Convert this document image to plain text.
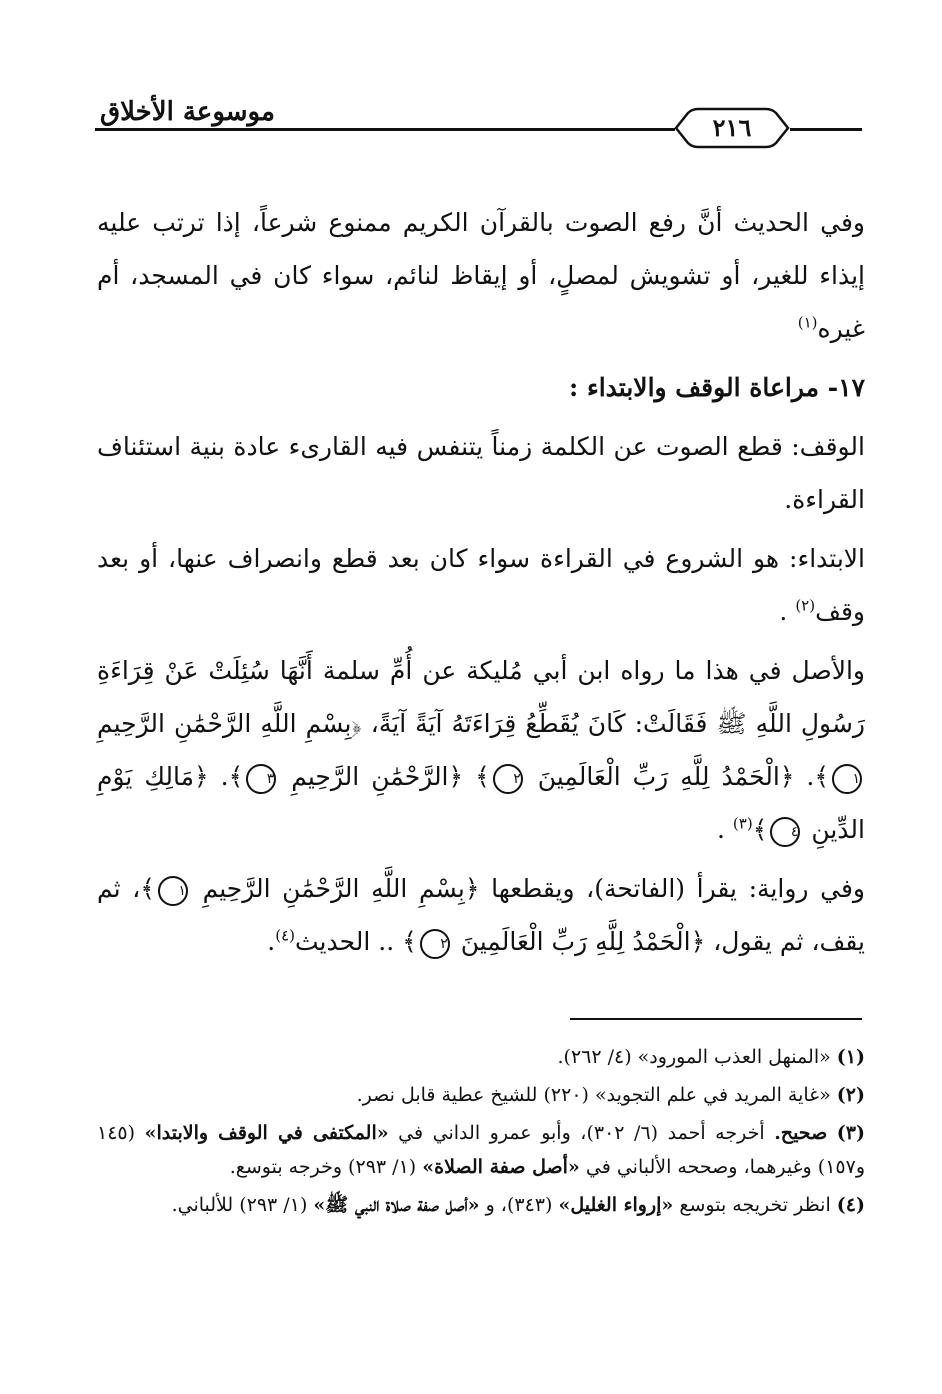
موسوعة الأخلاق
٢١٦

وفي الحديث أنَّ رفع الصوت بالقرآن الكريم ممنوع شرعاً، إذا ترتب عليه إيذاء للغير، أو تشويش لمصلٍ، أو إيقاظ لنائم، سواء كان في المسجد، أم غيره$^{(١)}$

١٧- مراعاة الوقف والابتداء :

الوقف: قطع الصوت عن الكلمة زمناً يتنفس فيه القارىء عادة بنية استئناف القراءة.

الابتداء: هو الشروع في القراءة سواء كان بعد قطع وانصراف عنها، أو بعد وقف$^{(٢)}$ .

والأصل في هذا ما رواه ابن أبي مُليكة عن أُمِّ سلمة أَنَّهَا سُئِلَتْ عَنْ قِرَاءَةِ رَسُولِ اللَّهِ ﷺ فَقَالَتْ: كَانَ يُقَطِّعُ قِرَاءَتَهُ آيَةً آيَةً، ﴿بِسْمِ اللَّهِ الرَّحْمَٰنِ الرَّحِيمِ ١﴾. ﴿الْحَمْدُ لِلَّهِ رَبِّ الْعَالَمِينَ ٢﴾ ﴿الرَّحْمَٰنِ الرَّحِيمِ ٣﴾. ﴿مَالِكِ يَوْمِ الدِّينِ ٤﴾$^{(٣)}$ .

وفي رواية: يقرأ (الفاتحة)، ويقطعها ﴿بِسْمِ اللَّهِ الرَّحْمَٰنِ الرَّحِيمِ ١﴾، ثم يقف، ثم يقول، ﴿الْحَمْدُ لِلَّهِ رَبِّ الْعَالَمِينَ ٢﴾ .. الحديث$^{(٤)}$.

(١) «المنهل العذب المورود» (٤/ ٢٦٢).

(٢) «غاية المريد في علم التجويد» (٢٢٠) للشيخ عطية قابل نصر.

(٣) صحيح. أخرجه أحمد (٦/ ٣٠٢)، وأبو عمرو الداني في «المكتفى في الوقف والابتدا» (١٤٥ و١٥٧) وغيرهما، وصححه الألباني في «أصل صفة الصلاة» (١/ ٢٩٣) وخرجه بتوسع.

(٤) انظر تخريجه بتوسع «إرواء الغليل» (٣٤٣)، و «أصل صفة صلاة النبي ﷺ» (١/ ٢٩٣) للألباني.
